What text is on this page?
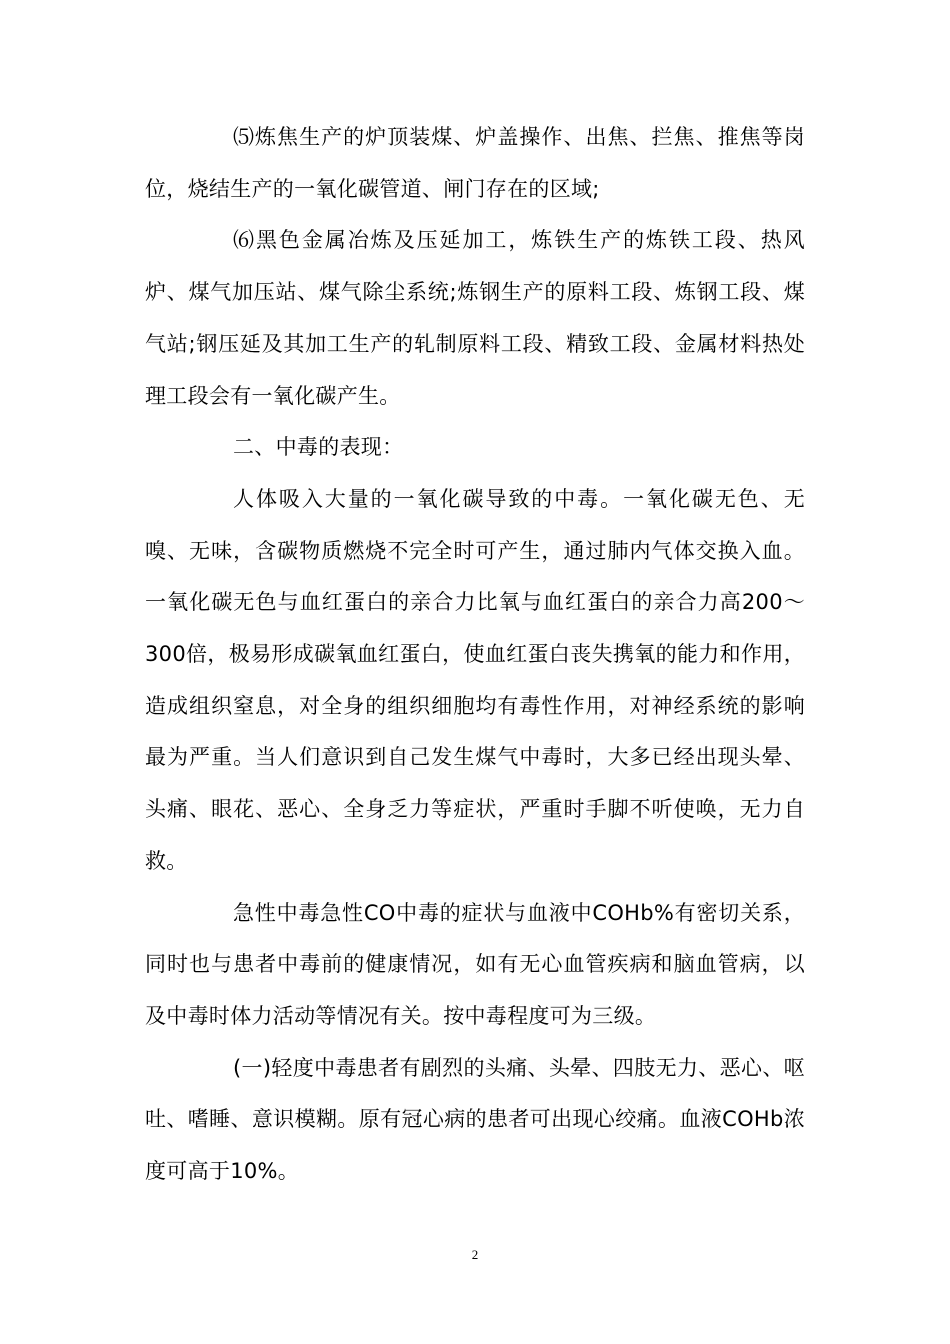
⑸炼焦生产的炉顶装煤、炉盖操作、出焦、拦焦、推焦等岗位，烧结生产的一氧化碳管道、闸门存在的区域;

⑹黑色金属冶炼及压延加工，炼铁生产的炼铁工段、热风炉、煤气加压站、煤气除尘系统;炼钢生产的原料工段、炼钢工段、煤气站;钢压延及其加工生产的轧制原料工段、精致工段、金属材料热处理工段会有一氧化碳产生。

二、中毒的表现：

人体吸入大量的一氧化碳导致的中毒。一氧化碳无色、无嗅、无味，含碳物质燃烧不完全时可产生，通过肺内气体交换入血。一氧化碳无色与血红蛋白的亲合力比氧与血红蛋白的亲合力高200～300倍，极易形成碳氧血红蛋白，使血红蛋白丧失携氧的能力和作用，造成组织窒息，对全身的组织细胞均有毒性作用，对神经系统的影响最为严重。当人们意识到自己发生煤气中毒时，大多已经出现头晕、头痛、眼花、恶心、全身乏力等症状，严重时手脚不听使唤，无力自救。

急性中毒急性CO中毒的症状与血液中COHb%有密切关系，同时也与患者中毒前的健康情况，如有无心血管疾病和脑血管病，以及中毒时体力活动等情况有关。按中毒程度可为三级。

(一)轻度中毒患者有剧烈的头痛、头晕、四肢无力、恶心、呕吐、嗜睡、意识模糊。原有冠心病的患者可出现心绞痛。血液COHb浓度可高于10%。

2
